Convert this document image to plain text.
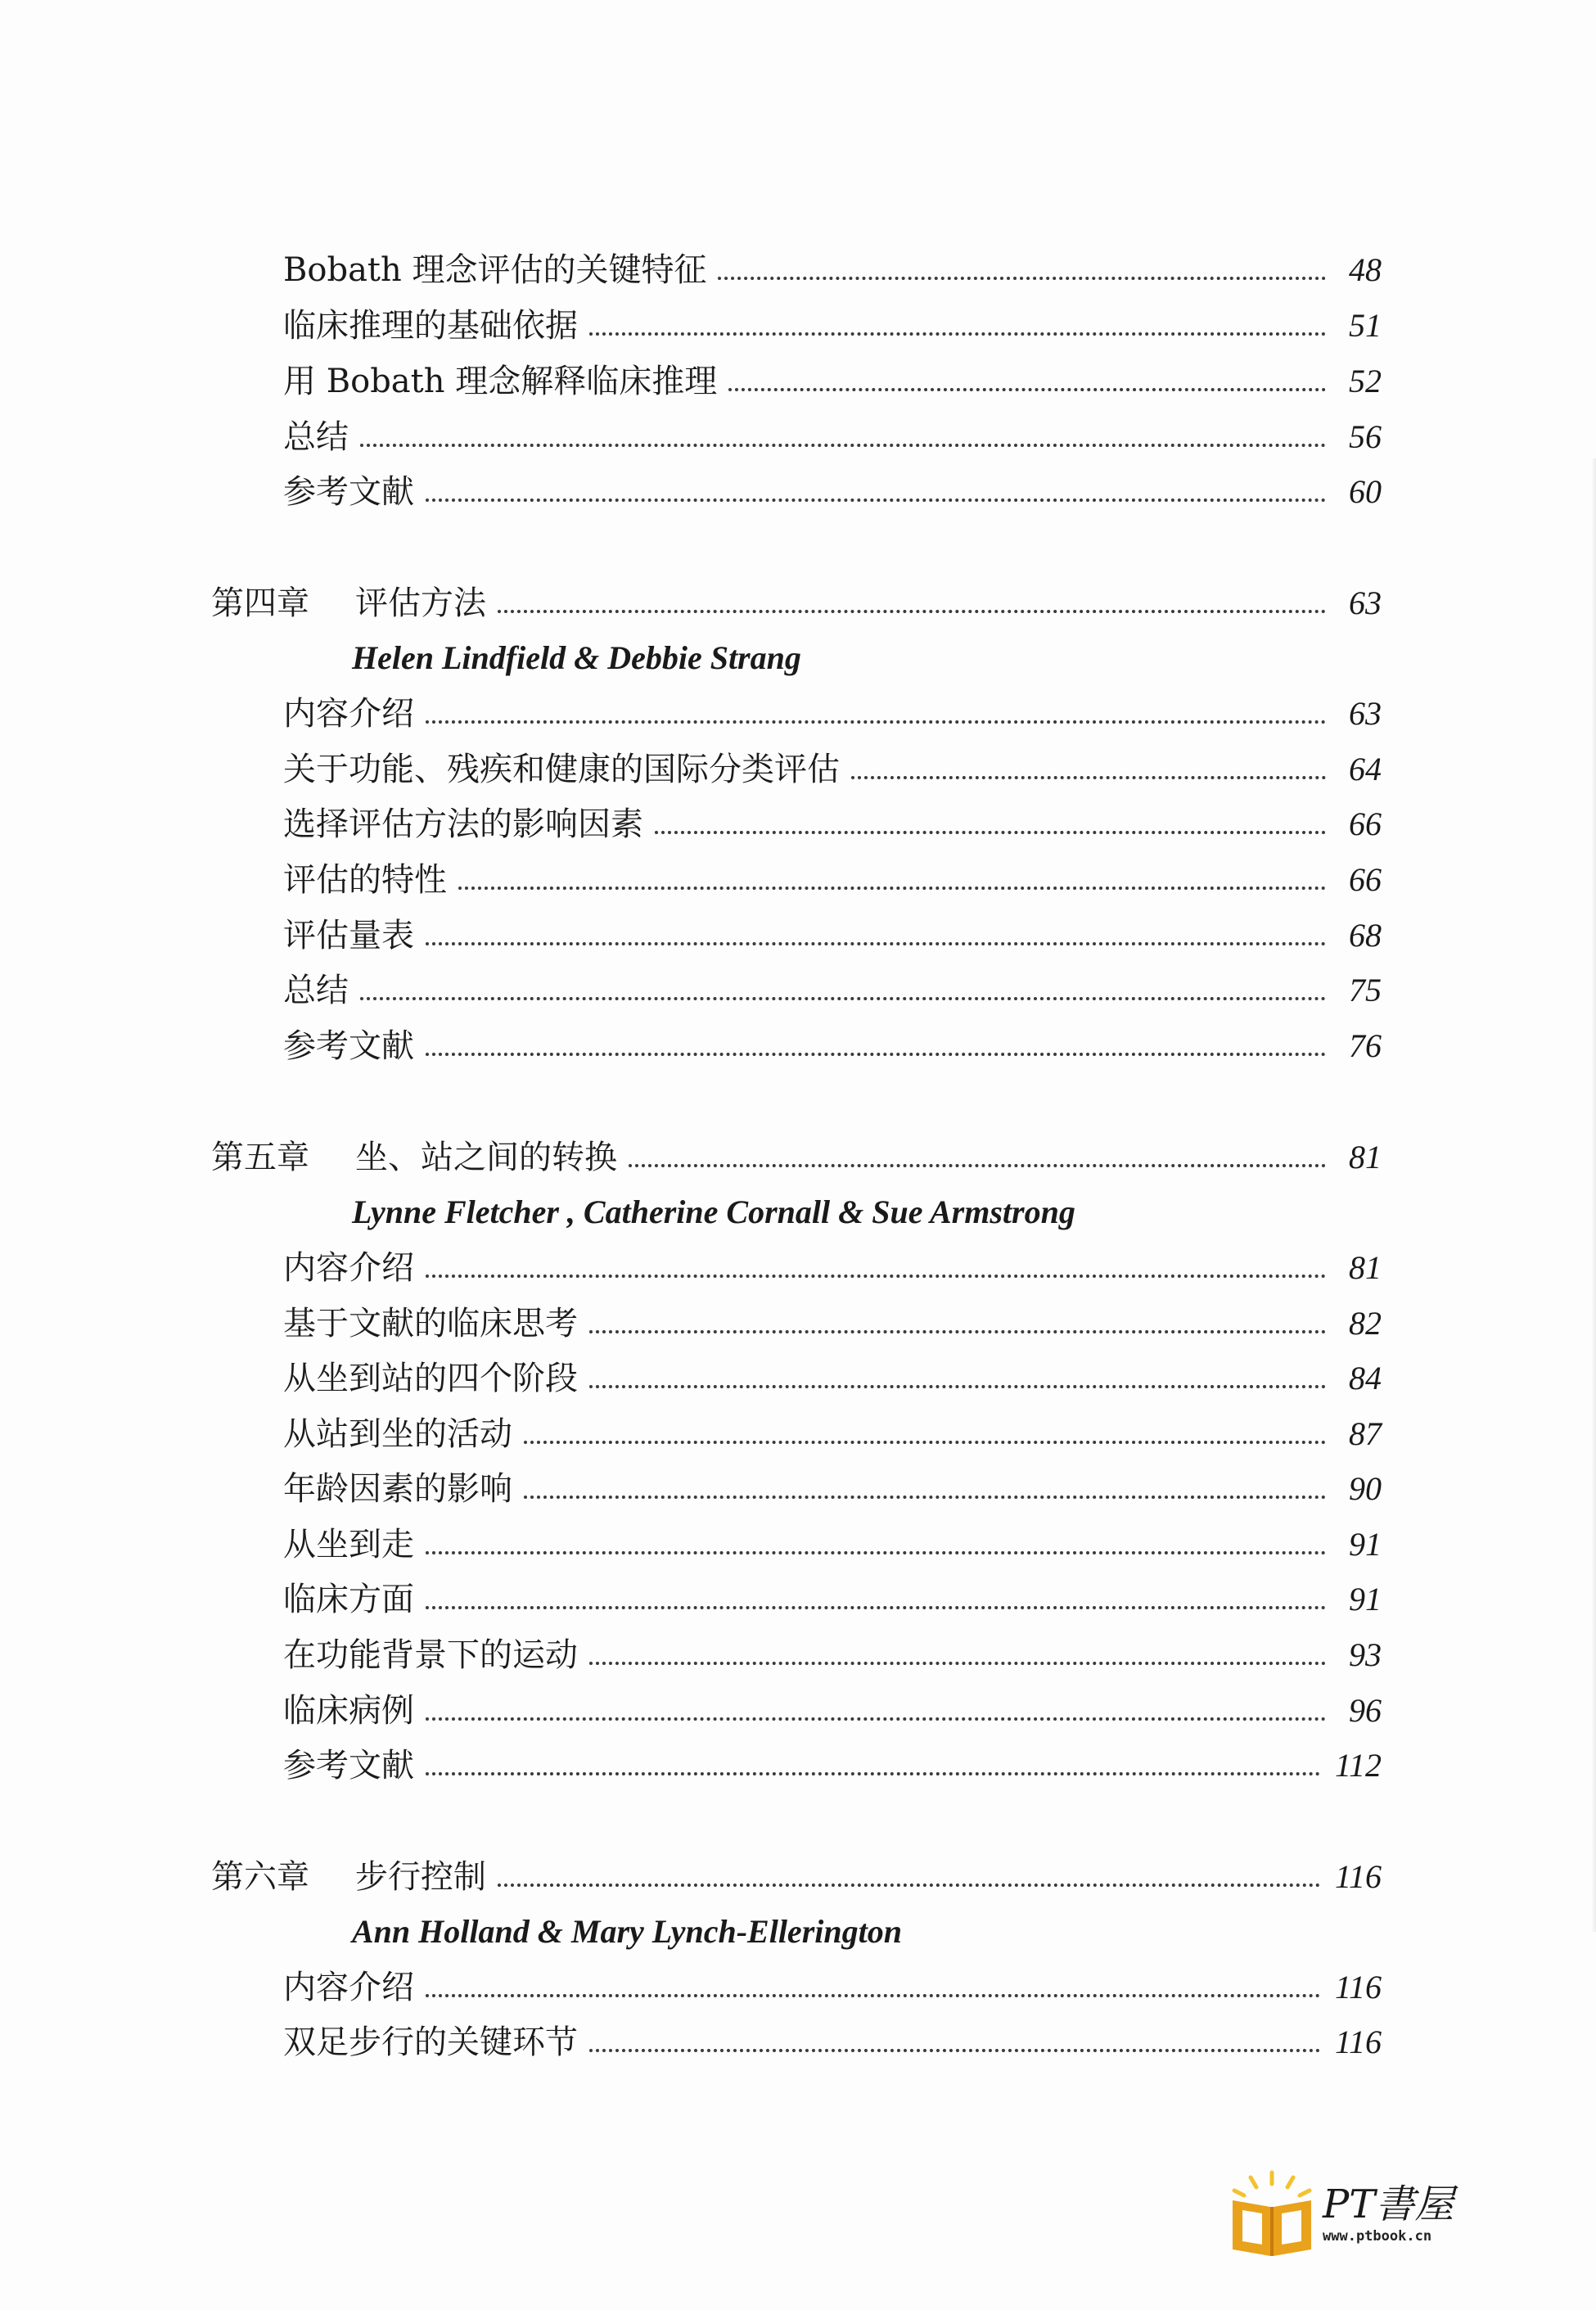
Bobath 理念评估的关键特征	48
临床推理的基础依据	51
用 Bobath 理念解释临床推理	52
总结	56
参考文献	60
第四章	评估方法	63
Helen Lindfield & Debbie Strang
内容介绍	63
关于功能、残疾和健康的国际分类评估	64
选择评估方法的影响因素	66
评估的特性	66
评估量表	68
总结	75
参考文献	76
第五章	坐、站之间的转换	81
Lynne Fletcher , Catherine Cornall & Sue Armstrong
内容介绍	81
基于文献的临床思考	82
从坐到站的四个阶段	84
从站到坐的活动	87
年龄因素的影响	90
从坐到走	91
临床方面	91
在功能背景下的运动	93
临床病例	96
参考文献	112
第六章	步行控制	116
Ann Holland & Mary Lynch-Ellerington
内容介绍	116
双足步行的关键环节	116
PT書屋
www.ptbook.cn
